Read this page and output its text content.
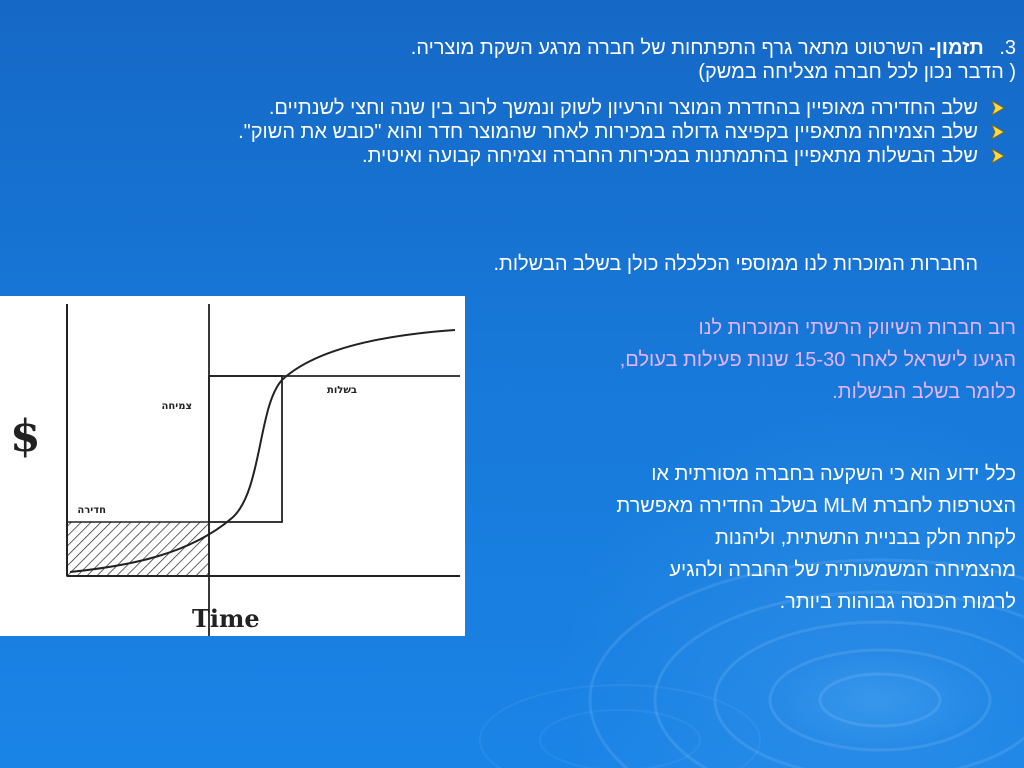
3. תזמון- השרטוט מתאר גרף התפתחות של חברה מרגע השקת מוצריה.
( הדבר נכון לכל חברה מצליחה במשק)
שלב החדירה מאופיין בהחדרת המוצר והרעיון לשוק ונמשך לרוב בין שנה וחצי לשנתיים.
שלב הצמיחה מתאפיין בקפיצה גדולה במכירות לאחר שהמוצר חדר והוא "כובש את השוק".
שלב הבשלות מתאפיין בהתמתנות במכירות החברה וצמיחה קבועה ואיטית.
החברות המוכרות לנו ממוספי הכלכלה כולן בשלב הבשלות.
רוב חברות השיווק הרשתי המוכרות לנו
הגיעו לישראל לאחר 15-30 שנות פעילות בעולם,
כלומר בשלב הבשלות.
כלל ידוע הוא כי השקעה בחברה מסורתית או
הצטרפות לחברת MLM בשלב החדירה מאפשרת
לקחת חלק בבניית התשתית, וליהנות
מהצמיחה המשמעותית של החברה ולהגיע
לרמות הכנסה גבוהות ביותר.
$
Time
חדירה
צמיחה
בשלות
